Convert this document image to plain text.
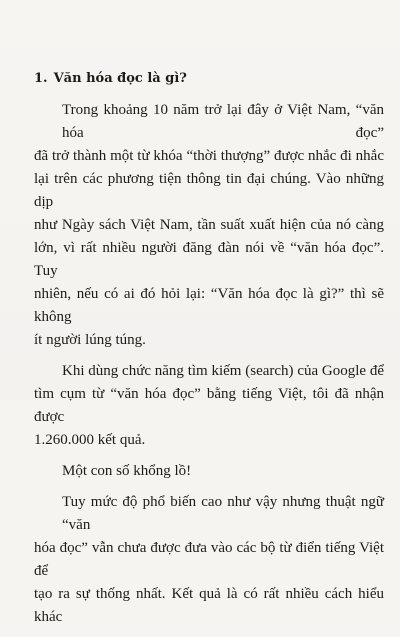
​
1. Văn hóa đọc là gì?

Trong khoảng 10 năm trở lại đây ở Việt Nam, “văn hóa đọc”
đã trở thành một từ khóa “thời thượng” được nhắc đi nhắc
lại trên các phương tiện thông tin đại chúng. Vào những dịp
như Ngày sách Việt Nam, tần suất xuất hiện của nó càng
lớn, vì rất nhiều người đăng đàn nói về “văn hóa đọc”. Tuy
nhiên, nếu có ai đó hỏi lại: “Văn hóa đọc là gì?” thì sẽ không
ít người lúng túng.

Khi dùng chức năng tìm kiếm (search) của Google để
tìm cụm từ “văn hóa đọc” bằng tiếng Việt, tôi đã nhận được
1.260.000 kết quả.

Một con số khổng lồ!

Tuy mức độ phổ biến cao như vậy nhưng thuật ngữ “văn
hóa đọc” vẫn chưa được đưa vào các bộ từ điển tiếng Việt để
tạo ra sự thống nhất. Kết quả là có rất nhiều cách hiểu khác
